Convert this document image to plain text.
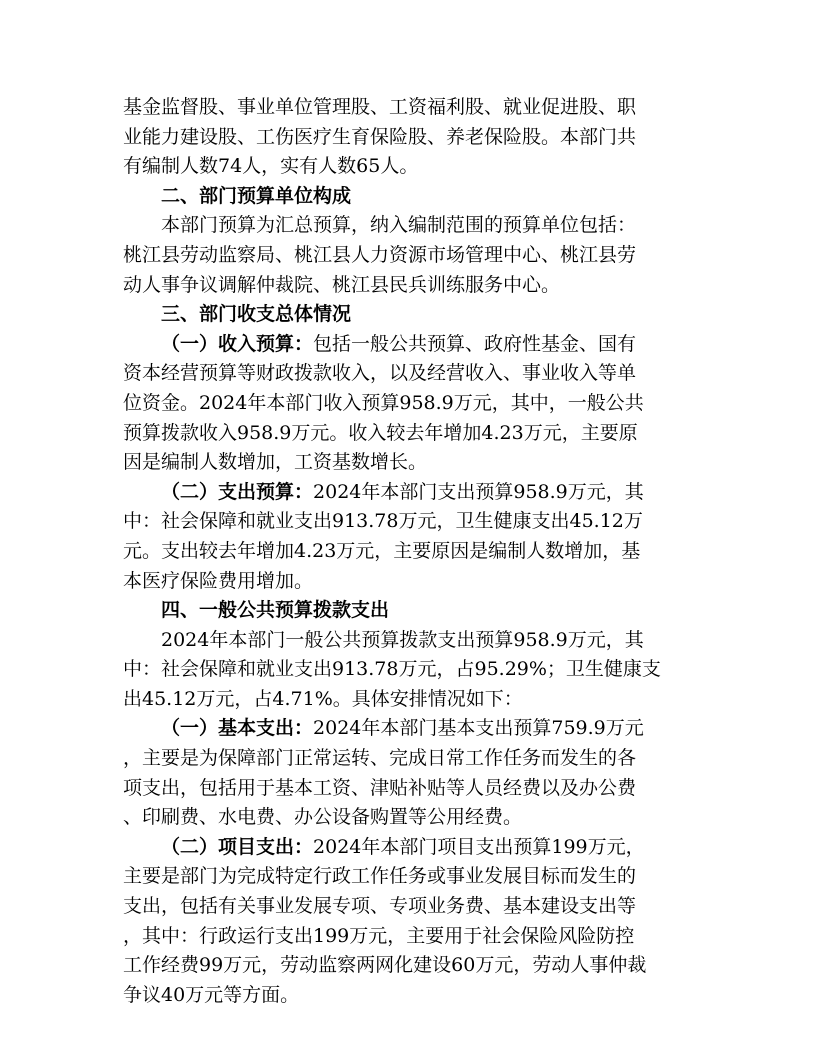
基金监督股、事业单位管理股、工资福利股、就业促进股、职
业能力建设股、工伤医疗生育保险股、养老保险股。本部门共
有编制人数74人，实有人数65人。
二、部门预算单位构成
本部门预算为汇总预算，纳入编制范围的预算单位包括：
桃江县劳动监察局、桃江县人力资源市场管理中心、桃江县劳
动人事争议调解仲裁院、桃江县民兵训练服务中心。
三、部门收支总体情况
（一）收入预算：包括一般公共预算、政府性基金、国有
资本经营预算等财政拨款收入，以及经营收入、事业收入等单
位资金。2024年本部门收入预算958.9万元，其中，一般公共
预算拨款收入958.9万元。收入较去年增加4.23万元，主要原
因是编制人数增加，工资基数增长。
（二）支出预算：2024年本部门支出预算958.9万元，其
中：社会保障和就业支出913.78万元，卫生健康支出45.12万
元。支出较去年增加4.23万元，主要原因是编制人数增加，基
本医疗保险费用增加。
四、一般公共预算拨款支出
2024年本部门一般公共预算拨款支出预算958.9万元，其
中：社会保障和就业支出913.78万元，占95.29%；卫生健康支
出45.12万元，占4.71%。具体安排情况如下：
（一）基本支出：2024年本部门基本支出预算759.9万元
，主要是为保障部门正常运转、完成日常工作任务而发生的各
项支出，包括用于基本工资、津贴补贴等人员经费以及办公费
、印刷费、水电费、办公设备购置等公用经费。
（二）项目支出：2024年本部门项目支出预算199万元，
主要是部门为完成特定行政工作任务或事业发展目标而发生的
支出，包括有关事业发展专项、专项业务费、基本建设支出等
，其中：行政运行支出199万元，主要用于社会保险风险防控
工作经费99万元，劳动监察两网化建设60万元，劳动人事仲裁
争议40万元等方面。
